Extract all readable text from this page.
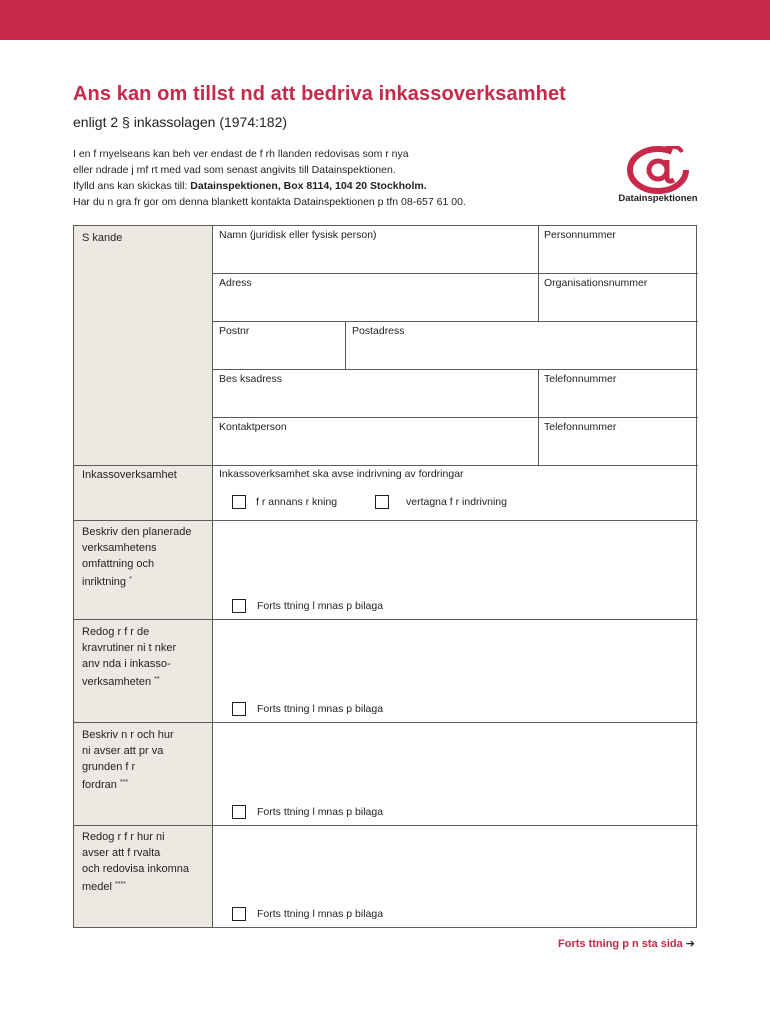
Ans kan om tillst nd att bedriva inkassoverksamhet
enligt 2 § inkassolagen (1974:182)
I en f rnyelseans kan beh ver endast de f rh llanden redovisas som r nya
eller ndrade j mf rt med vad som senast angivits till Datainspektionen.
Ifylld ans kan skickas till: Datainspektionen, Box 8114, 104 20 Stockholm.
Har du n gra fr gor om denna blankett kontakta Datainspektionen p tfn 08-657 61 00.	Datainspektionen
S kande	Namn (juridisk eller fysisk person)	Personnummer
Adress	Organisationsnummer
Postnr	Postadress
Bes ksadress	Telefonnummer
Kontaktperson	Telefonnummer
Inkassoverksamhet	Inkassoverksamhet ska avse indrivning av fordringar
f r annans r kning	vertagna f r indrivning
Beskriv den planerade
verksamhetens
omfattning och
inriktning *
Forts ttning l mnas p bilaga
Redog r f r de
kravrutiner ni t nker
anv nda i inkasso-
verksamheten **
Forts ttning l mnas p bilaga
Beskriv n r och hur
ni avser att pr va
grunden f r
fordran ***
Forts ttning l mnas p bilaga
Redog r f r hur ni
avser att f rvalta
och redovisa inkomna
medel ****
Forts ttning l mnas p bilaga
Forts ttning p n sta sida ➔
